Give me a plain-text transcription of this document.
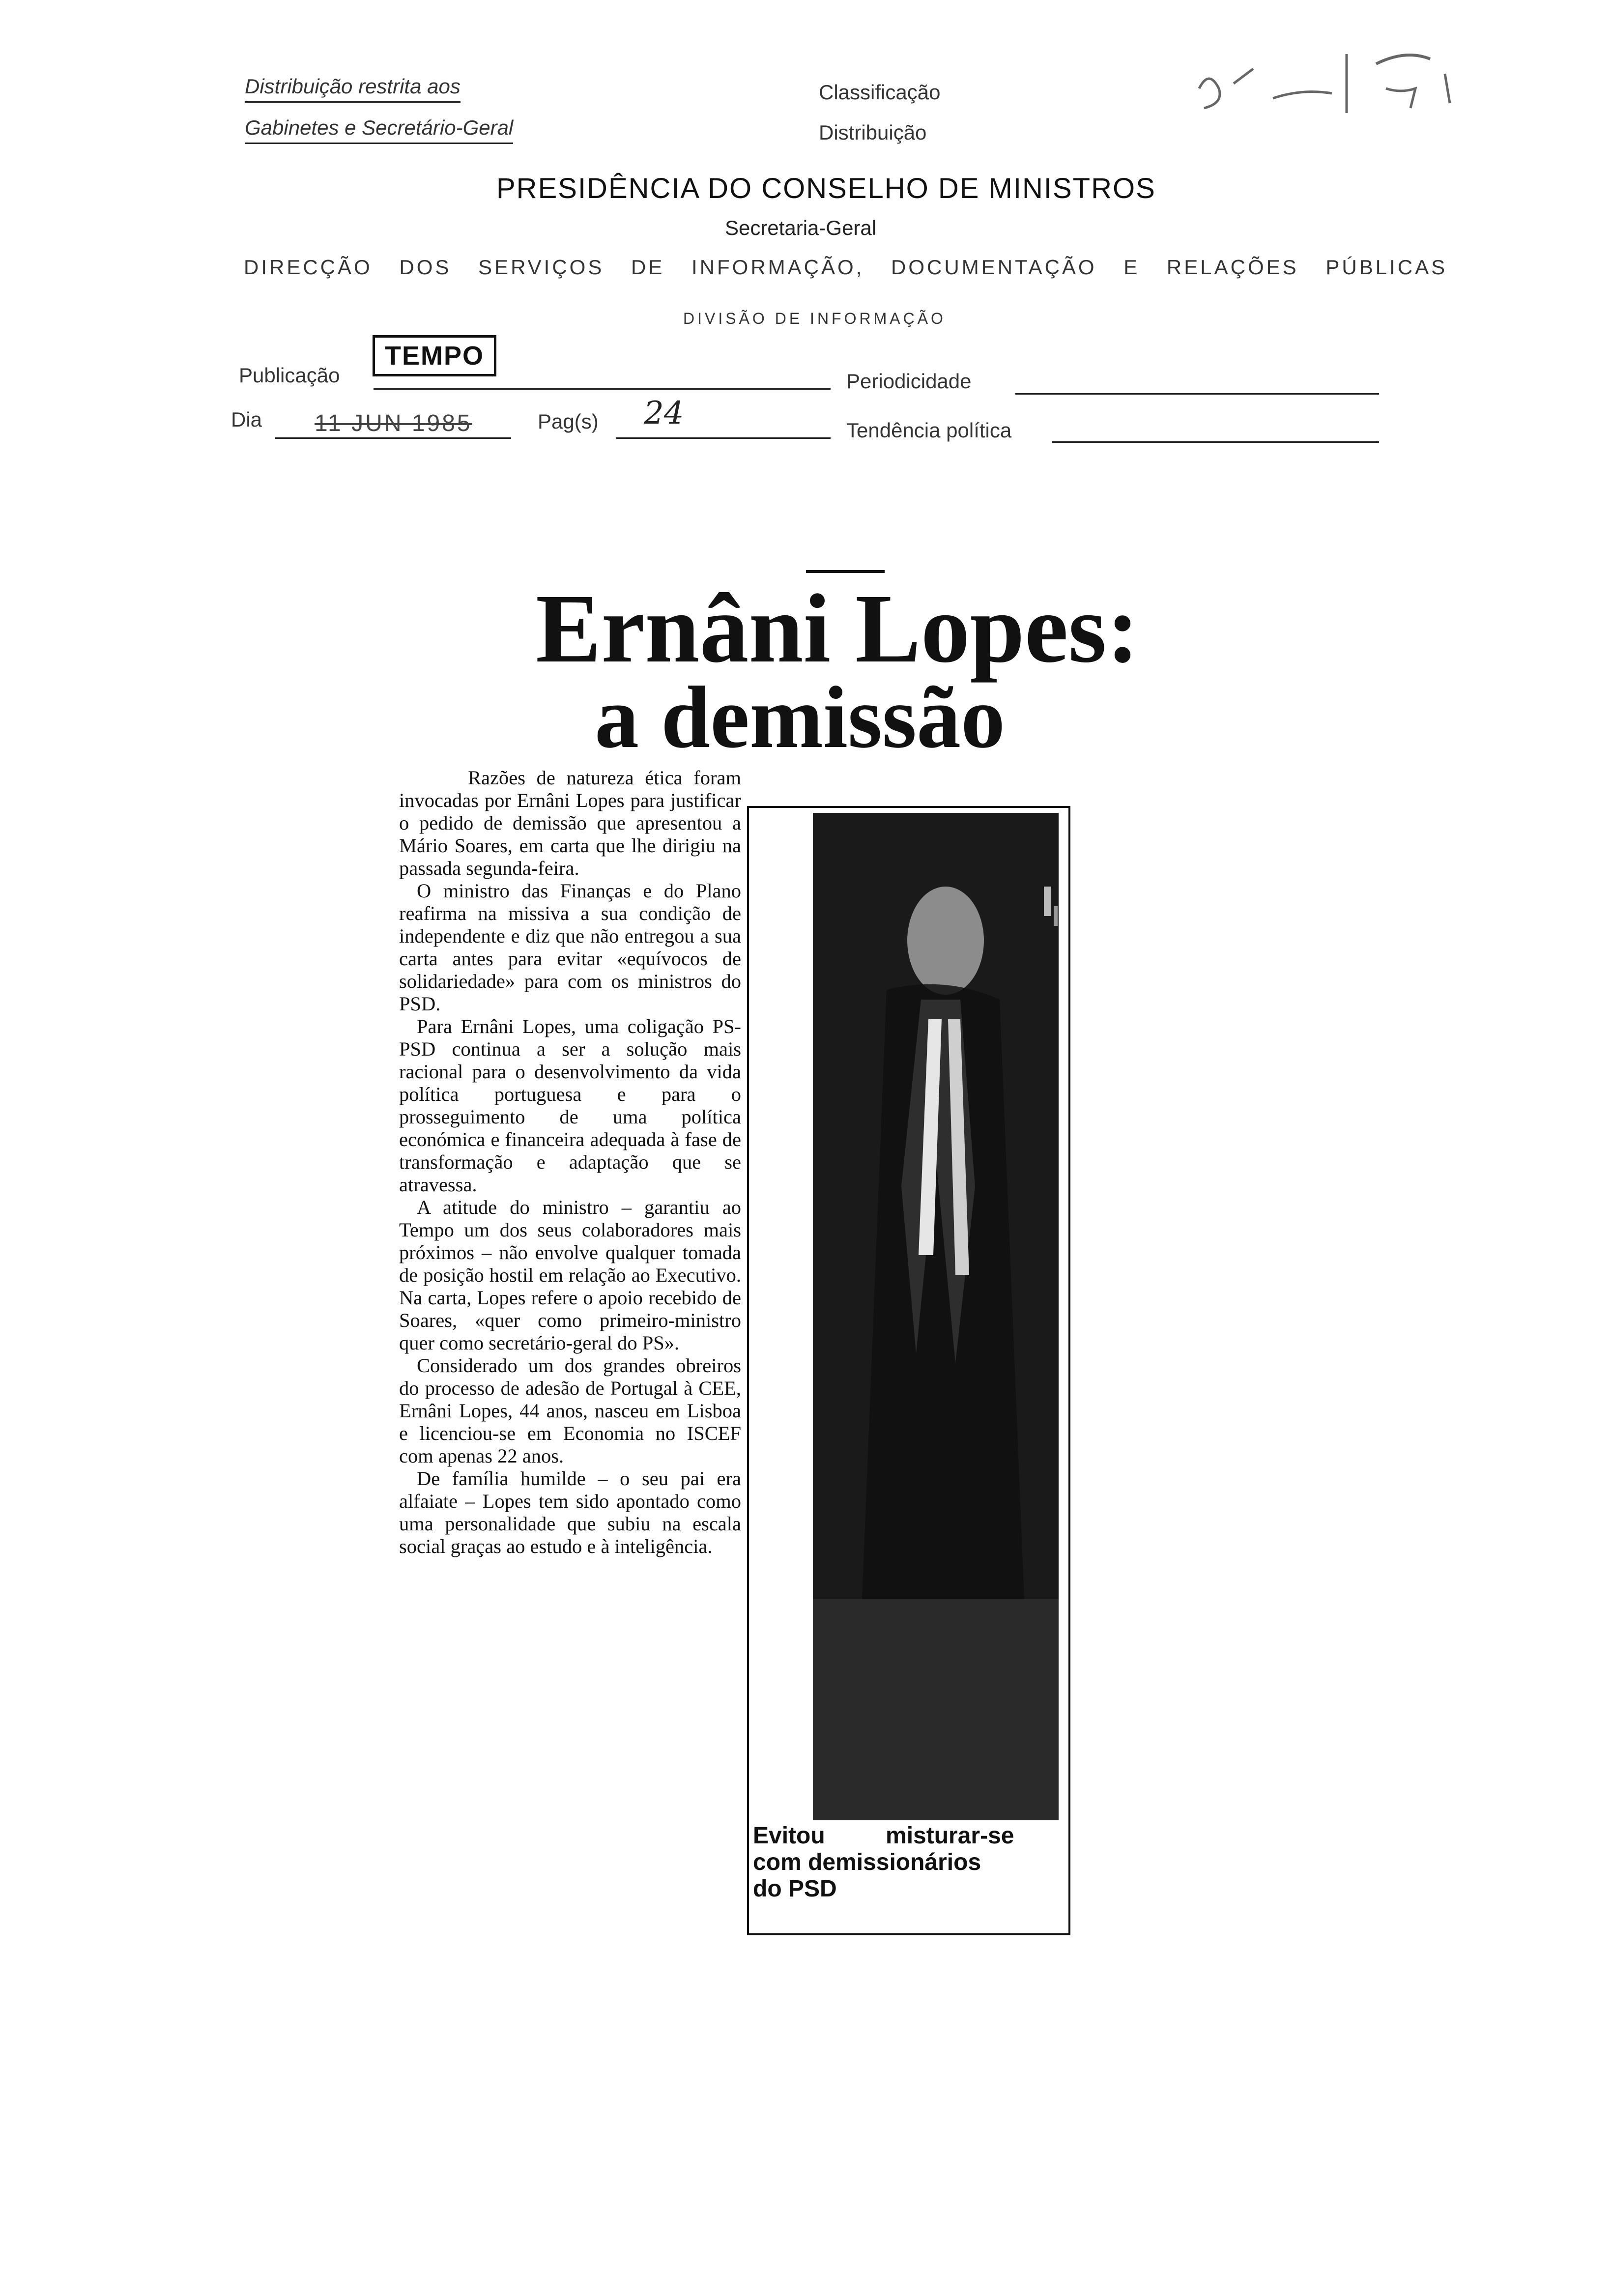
Distribuição restrita aos
Gabinetes e Secretário-Geral
Classificação
Distribuição
PRESIDÊNCIA DO CONSELHO DE MINISTROS
Secretaria-Geral
DIRECÇÃO DOS SERVIÇOS DE INFORMAÇÃO, DOCUMENTAÇÃO E RELAÇÕES PÚBLICAS
DIVISÃO DE INFORMAÇÃO
Publicação
TEMPO
Periodicidade
Dia 11 JUN 1985	Pag(s) 24	Tendência política
Ernâni Lopes:
a demissão

Razões de natureza ética foram invocadas por Ernâni Lopes para justificar o pedido de demissão que apresentou a Mário Soares, em carta que lhe dirigiu na passada segunda-feira.

O ministro das Finanças e do Plano reafirma na missiva a sua condição de independente e diz que não entregou a sua carta antes para evitar «equívocos de solidariedade» para com os ministros do PSD.

Para Ernâni Lopes, uma coligação PS-PSD continua a ser a solução mais racional para o desenvolvimento da vida política portuguesa e para o prosseguimento de uma política económica e financeira adequada à fase de transformação e adaptação que se atravessa.

A atitude do ministro – garantiu ao Tempo um dos seus colaboradores mais próximos – não envolve qualquer tomada de posição hostil em relação ao Executivo. Na carta, Lopes refere o apoio recebido de Soares, «quer como primeiro-ministro quer como secretário-geral do PS».

Considerado um dos grandes obreiros do processo de adesão de Portugal à CEE, Ernâni Lopes, 44 anos, nasceu em Lisboa e licenciou-se em Economia no ISCEF com apenas 22 anos.

De família humilde – o seu pai era alfaiate – Lopes tem sido apontado como uma personalidade que subiu na escala social graças ao estudo e à inteligência.

Evitou misturar-se
com demissionários
do PSD
